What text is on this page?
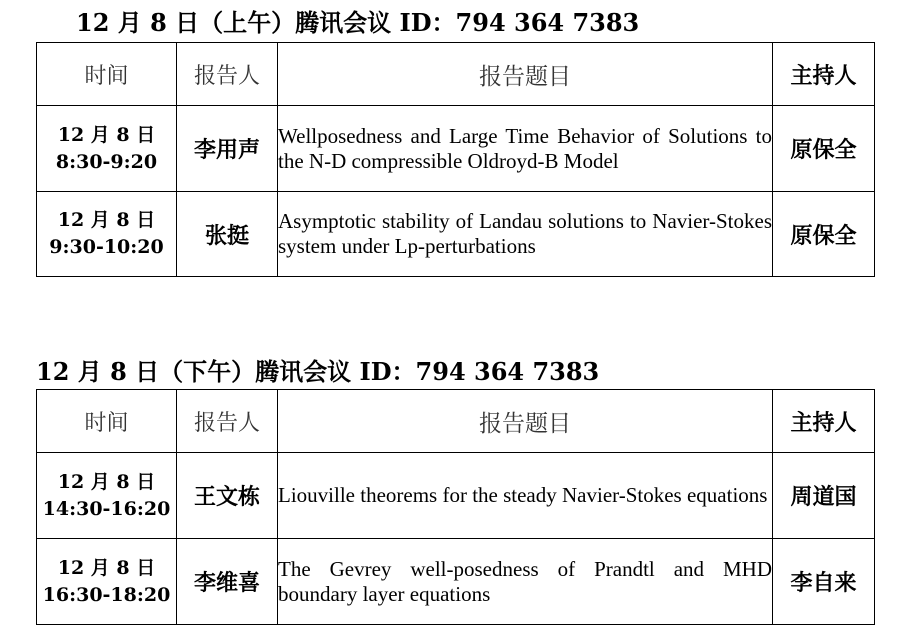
12 月 8 日（上午）腾讯会议 ID：794 364 7383
时间	报告人	报告题目	主持人

12 月 8 日
8:30-9:20	李用声	Wellposedness and Large Time Behavior of Solutions to the N-D compressible Oldroyd-B Model	原保全

12 月 8 日
9:30-10:20	张挺	Asymptotic stability of Landau solutions to Navier-Stokes system under Lp-perturbations	原保全
12 月 8 日（下午）腾讯会议 ID：794 364 7383
时间	报告人	报告题目	主持人

12 月 8 日
14:30-16:20	王文栋	Liouville theorems for the steady Navier-Stokes equations	周道国

12 月 8 日
16:30-18:20	李维喜	The Gevrey well-posedness of Prandtl and MHD boundary layer equations	李自来
